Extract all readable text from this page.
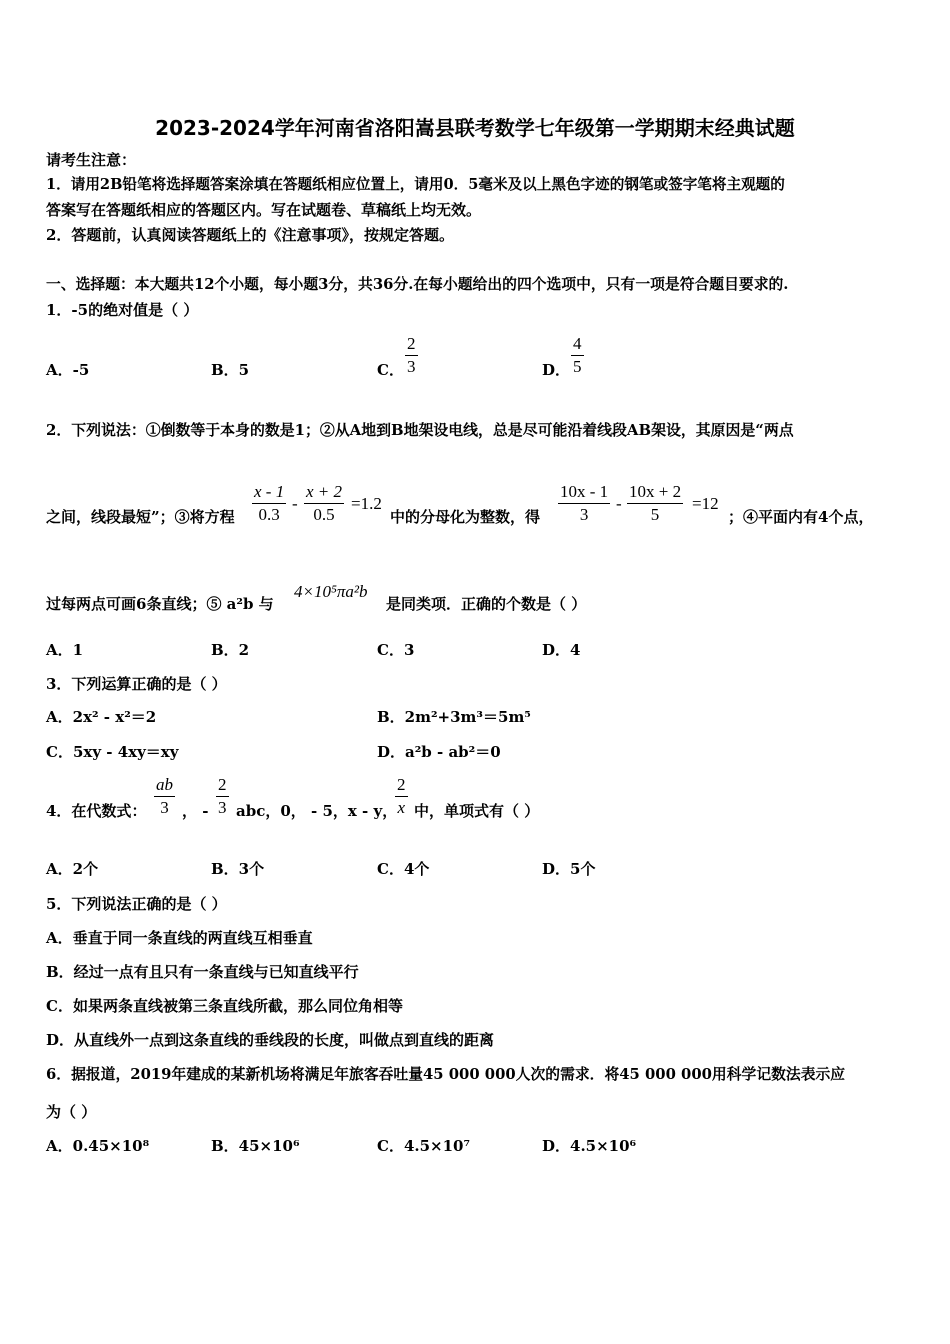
2023-2024学年河南省洛阳嵩县联考数学七年级第一学期期末经典试题
请考生注意：
1．请用2B铅笔将选择题答案涂填在答题纸相应位置上，请用0．5毫米及以上黑色字迹的钢笔或签字笔将主观题的
答案写在答题纸相应的答题区内。写在试题卷、草稿纸上均无效。
2．答题前，认真阅读答题纸上的《注意事项》，按规定答题。
一、选择题：本大题共12个小题，每小题3分，共36分.在每小题给出的四个选项中，只有一项是符合题目要求的.
1．-5的绝对值是（ ）
A．-5	B．5	C．
2
3	D．
4
5
2．下列说法：①倒数等于本身的数是1；②从A地到B地架设电线，总是尽可能沿着线段AB架设，其原因是“两点
之间，线段最短”；③将方程
x - 1
0.3
-
x + 2
0.5
=1.2
中的分母化为整数，得
10x - 1
3
-
10x + 2
5
=12
；④平面内有4个点，
过每两点可画6条直线；⑤ a²b 与
4×10⁵πa²b
是同类项．正确的个数是（ ）
A．1	B．2	C．3	D．4
3．下列运算正确的是（ ）
A．2x² - x²＝2	B．2m²+3m³＝5m⁵
C．5xy - 4xy＝xy	D．a²b - ab²＝0
4．在代数式：
ab
3 ， -
2
3 abc，0， - 5，x - y，
2
x 中，单项式有（ ）
A．2个	B．3个	C．4个	D．5个
5．下列说法正确的是（ ）
A．垂直于同一条直线的两直线互相垂直
B．经过一点有且只有一条直线与已知直线平行
C．如果两条直线被第三条直线所截，那么同位角相等
D．从直线外一点到这条直线的垂线段的长度，叫做点到直线的距离
6．据报道，2019年建成的某新机场将满足年旅客吞吐量45 000 000人次的需求．将45 000 000用科学记数法表示应
为（ ）
A．0.45×10⁸	B．45×10⁶	C．4.5×10⁷	D．4.5×10⁶
